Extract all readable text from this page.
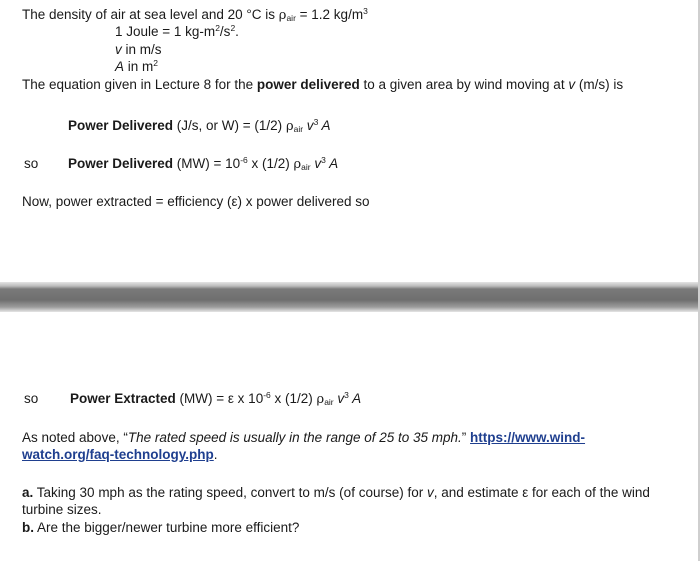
The density of air at sea level and 20 °C is $\rho_{air} = 1.2$ $kg/m^3$
1 Joule = 1 $kg-m^2/s^2$.
v in m/s
A in $m^2$
The equation given in Lecture 8 for the power delivered to a given area by wind moving at v (m/s) is
Power Delivered (J/s, or W) = (1/2) $\rho_{air}$ $v^3$ A
so Power Delivered $(MW) = 10^{-6}$ x (1/2) $\rho_{air}$ $v^3$ A
Now, power extracted = efficiency (ε) x power delivered so
so Power Extracted (MW) = ε x $10^{-6}$ x (1/2) $\rho_{air}$ $v^3$ A
As noted above, “The rated speed is usually in the range of 25 to 35 mph.” https://www.wind-
watch.org/faq-technology.php.
a. Taking 30 mph as the rating speed, convert to m/s (of course) for v, and estimate ε for each of the wind
turbine sizes.
b. Are the bigger/newer turbine more efficient?
